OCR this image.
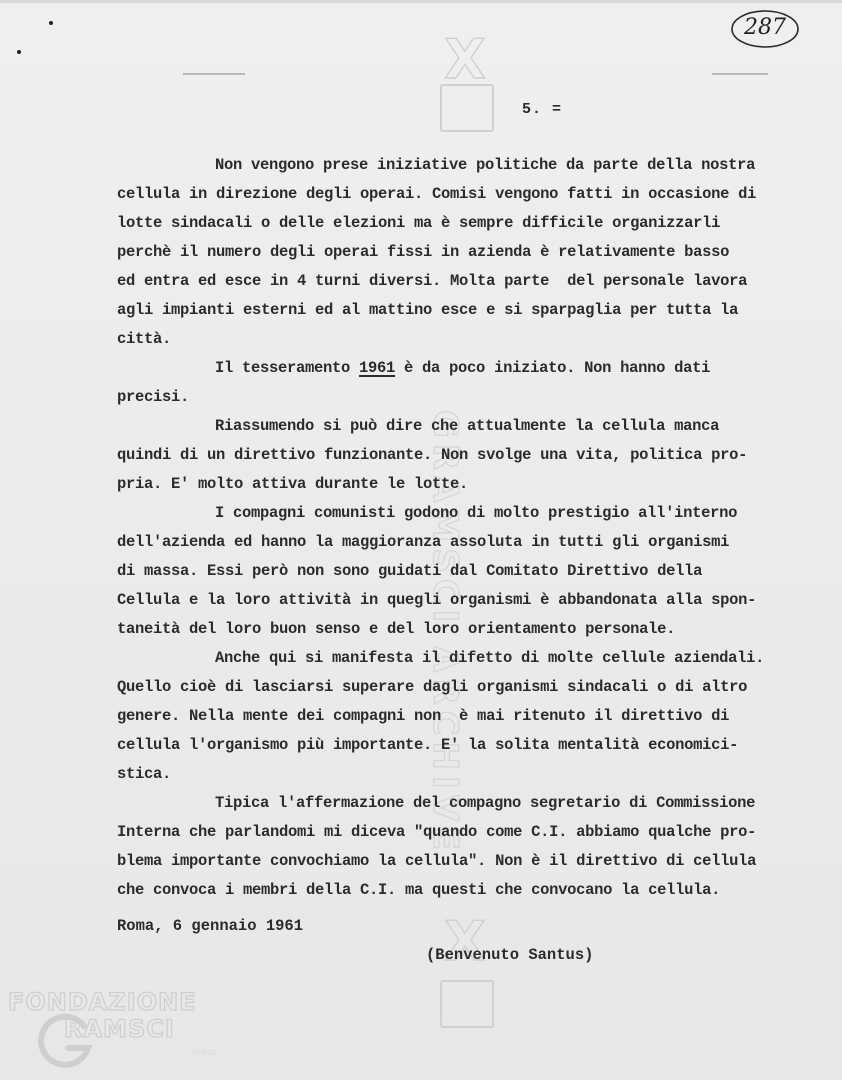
X
GRAMSCI ARCHIVE
X
287

5. =

Non vengono prese iniziative politiche da parte della nostra
cellula in direzione degli operai. Comisi vengono fatti in occasione di
lotte sindacali o delle elezioni ma è sempre difficile organizzarli
perchè il numero degli operai fissi in azienda è relativamente basso
ed entra ed esce in 4 turni diversi. Molta parte  del personale lavora
agli impianti esterni ed al mattino esce e si sparpaglia per tutta la
città.
Il tesseramento 1961 è da poco iniziato. Non hanno dati
precisi.
Riassumendo si può dire che attualmente la cellula manca
quindi di un direttivo funzionante. Non svolge una vita, politica pro-
pria. E' molto attiva durante le lotte.
I compagni comunisti godono di molto prestigio all'interno
dell'azienda ed hanno la maggioranza assoluta in tutti gli organismi
di massa. Essi però non sono guidati dal Comitato Direttivo della
Cellula e la loro attività in quegli organismi è abbandonata alla spon-
taneità del loro buon senso e del loro orientamento personale.
Anche qui si manifesta il difetto di molte cellule aziendali.
Quello cioè di lasciarsi superare dagli organismi sindacali o di altro
genere. Nella mente dei compagni non  è mai ritenuto il direttivo di
cellula l'organismo più importante. E' la solita mentalità economici-
stica.
Tipica l'affermazione del compagno segretario di Commissione
Interna che parlandomi mi diceva "quando come C.I. abbiamo qualche pro-
blema importante convochiamo la cellula". Non è il direttivo di cellula
che convoca i membri della C.I. ma questi che convocano la cellula.
Roma, 6 gennaio 1961
(Benvenuto Santus)
FONDAZIONE
RAMSCI
onlus
